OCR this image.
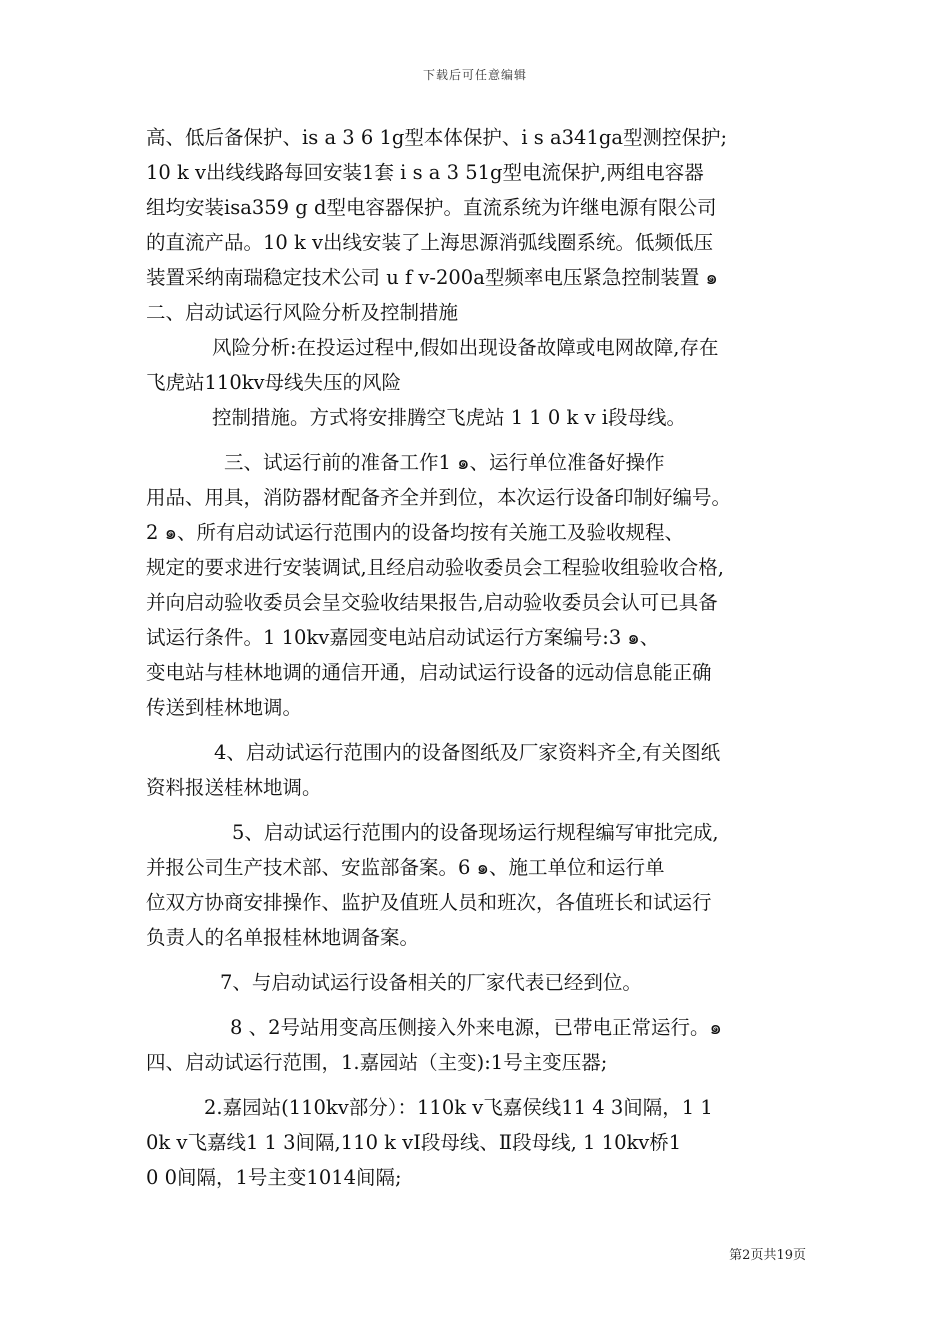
下载后可任意编辑
高、低后备保护、is a 3 6 1g型本体保护、i s a341ga型测控保护;
10 k v出线线路每回安装1套 i s a 3 51g型电流保护,两组电容器
组均安装isa359 g d型电容器保护。直流系统为许继电源有限公司
的直流产品。10 k v出线安装了上海思源消弧线圈系统。低频低压
装置采纳南瑞稳定技术公司 u f v-200a型频率电压紧急控制装置 ๑
二、启动试运行风险分析及控制措施
风险分析:在投运过程中,假如出现设备故障或电网故障,存在
飞虎站110kv母线失压的风险
控制措施。方式将安排腾空飞虎站 1 1 0 k v i段母线。
三、试运行前的准备工作1 ๑、运行单位准备好操作
用品、用具，消防器材配备齐全并到位，本次运行设备印制好编号。
2 ๑、所有启动试运行范围内的设备均按有关施工及验收规程、
规定的要求进行安装调试,且经启动验收委员会工程验收组验收合格,
并向启动验收委员会呈交验收结果报告,启动验收委员会认可已具备
试运行条件。1 10kv嘉园变电站启动试运行方案编号:3 ๑、
变电站与桂林地调的通信开通，启动试运行设备的远动信息能正确
传送到桂林地调。
4、启动试运行范围内的设备图纸及厂家资料齐全,有关图纸
资料报送桂林地调。
5、启动试运行范围内的设备现场运行规程编写审批完成,
并报公司生产技术部、安监部备案。6 ๑、施工单位和运行单
位双方协商安排操作、监护及值班人员和班次，各值班长和试运行
负责人的名单报桂林地调备案。
7、与启动试运行设备相关的厂家代表已经到位。
8 、2号站用变高压侧接入外来电源，已带电正常运行。๑
四、启动试运行范围，1.嘉园站（主变):1号主变压器;
2.嘉园站(110kv部分）：110k v飞嘉侯线11 4 3间隔，1 1
0k v飞嘉线1 1 3间隔,110 k vⅠ段母线、Ⅱ段母线, 1 10kv桥1
0 0间隔，1号主变1014间隔;
第2页共19页
